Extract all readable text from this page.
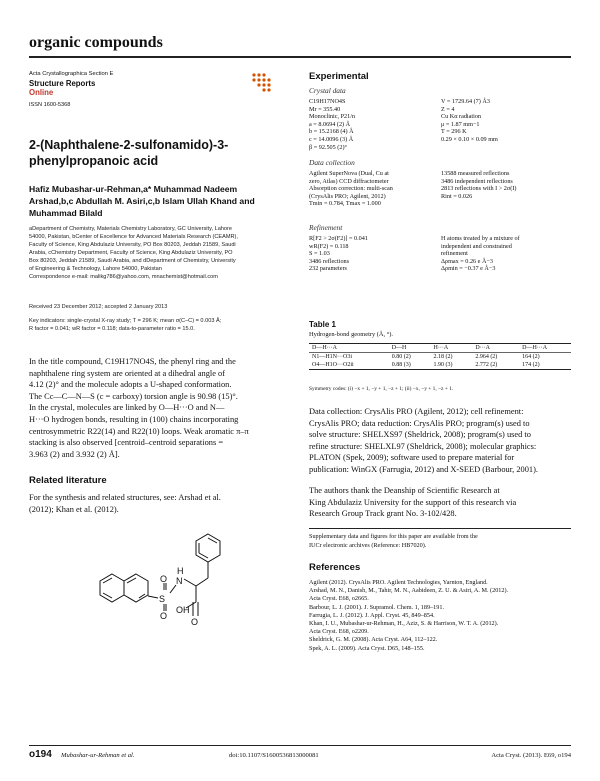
organic compounds
Acta Crystallographica Section E
Structure Reports
Online
ISSN 1600-5368
2-(Naphthalene-2-sulfonamido)-3-
phenylpropanoic acid
Hafiz Mubashar-ur-Rehman,a* Muhammad Nadeem
Arshad,b,c Abdullah M. Asiri,c,b Islam Ullah Khand and
Muhammad Bilald
aDepartment of Chemistry, Materials Chemistry Laboratory, GC University, Lahore
54000, Pakistan, bCenter of Excellence for Advanced Materials Research (CEAMR),
Faculty of Science, King Abdulaziz University, PO Box 80203, Jeddah 21589, Saudi
Arabia, cChemistry Department, Faculty of Science, King Abdulaziz University, PO
Box 80203, Jeddah 21589, Saudi Arabia, and dDepartment of Chemistry, University
of Engineering & Technology, Lahore 54000, Pakistan
Correspondence e-mail: malikg786@yahoo.com, mnachemist@hotmail.com
Received 23 December 2012; accepted 2 January 2013
Key indicators: single-crystal X-ray study; T = 296 K; mean σ(C–C) = 0.003 Å;
R factor = 0.041; wR factor = 0.118; data-to-parameter ratio = 15.0.
In the title compound, C19H17NO4S, the phenyl ring and the
naphthalene ring system are oriented at a dihedral angle of
4.12 (2)° and the molecule adopts a U-shaped conformation.
The Cc—C—N—S (c = carboxy) torsion angle is 90.98 (15)°.
In the crystal, molecules are linked by O—H···O and N—
H···O hydrogen bonds, resulting in (100) chains incorporating
centrosymmetric R22(14) and R22(10) loops. Weak aromatic π–π
stacking is also observed [centroid–centroid separations =
3.963 (2) and 3.932 (2) Å].
Related literature
For the synthesis and related structures, see: Arshad et al.
(2012); Khan et al. (2012).
H
N
S
O
O
O
OH
Experimental
Crystal data
C19H17NO4S
Mr = 355.40
Monoclinic, P21/n
a = 8.0694 (2) Å
b = 15.2168 (4) Å
c = 14.0096 (3) Å
β = 92.505 (2)°
V = 1729.64 (7) Å3
Z = 4
Cu Kα radiation
μ = 1.87 mm−1
T = 296 K
0.29 × 0.10 × 0.09 mm
Data collection
Agilent SuperNova (Dual, Cu at
zero, Atlas) CCD diffractometer
Absorption correction: multi-scan
(CrysAlis PRO; Agilent, 2012)
Tmin = 0.784, Tmax = 1.000
13588 measured reflections
3486 independent reflections
2813 reflections with I > 2σ(I)
Rint = 0.026
Refinement
R[F2 > 2σ(F2)] = 0.041
wR(F2) = 0.118
S = 1.03
3486 reflections
232 parameters
H atoms treated by a mixture of
independent and constrained
refinement
Δρmax = 0.26 e Å−3
Δρmin = −0.37 e Å−3
Table 1
Hydrogen-bond geometry (Å, °).
D—H···A	D—H	H···A	D···A	D—H···A
N1—H1N···O3i	0.80 (2)	2.18 (2)	2.964 (2)	164 (2)
O4—H1O···O2ii	0.88 (3)	1.90 (3)	2.772 (2)	174 (2)
Symmetry codes: (i) −x + 1, −y + 1, −z + 1; (ii) −x, −y + 1, −z + 1.
Data collection: CrysAlis PRO (Agilent, 2012); cell refinement:
CrysAlis PRO; data reduction: CrysAlis PRO; program(s) used to
solve structure: SHELXS97 (Sheldrick, 2008); program(s) used to
refine structure: SHELXL97 (Sheldrick, 2008); molecular graphics:
PLATON (Spek, 2009); software used to prepare material for
publication: WinGX (Farrugia, 2012) and X-SEED (Barbour, 2001).
The authors thank the Deanship of Scientific Research at
King Abdulaziz University for the support of this research via
Research Group Track grant No. 3-102/428.
Supplementary data and figures for this paper are available from the
IUCr electronic archives (Reference: HB7020).
References
Agilent (2012). CrysAlis PRO. Agilent Technologies, Yarnton, England.
Arshad, M. N., Danish, M., Tahir, M. N., Aabideen, Z. U. & Asiri, A. M. (2012).
Acta Cryst. E68, o2665.
Barbour, L. J. (2001). J. Supramol. Chem. 1, 189–191.
Farrugia, L. J. (2012). J. Appl. Cryst. 45, 849–854.
Khan, I. U., Mubashar-ur-Rehman, H., Aziz, S. & Harrison, W. T. A. (2012).
Acta Cryst. E68, o2209.
Sheldrick, G. M. (2008). Acta Cryst. A64, 112–122.
Spek, A. L. (2009). Acta Cryst. D65, 148–155.
o194 Mubashar-ur-Rehman et al.	doi:10.1107/S1600536813000081	Acta Cryst. (2013). E69, o194
